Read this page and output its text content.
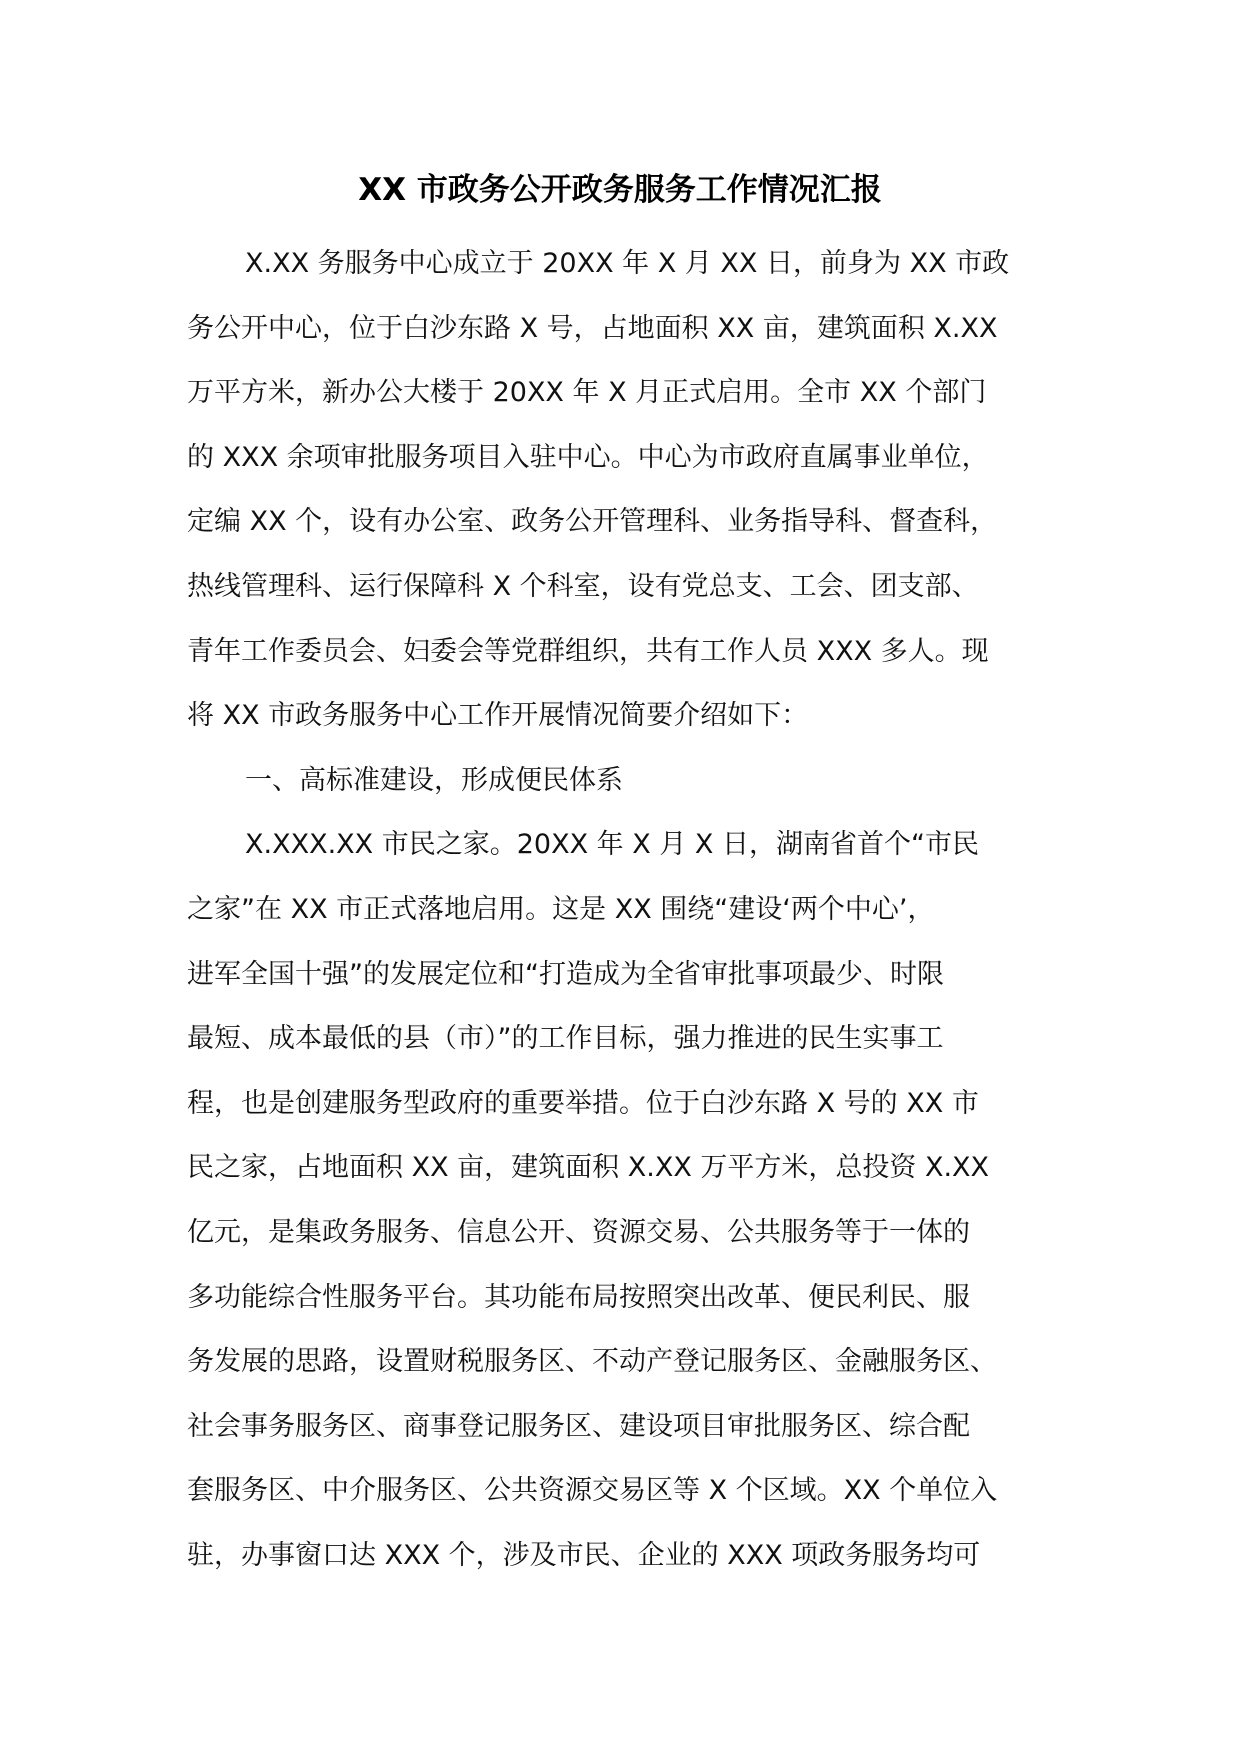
XX 市政务公开政务服务工作情况汇报
X.XX 务服务中心成立于 20XX 年 X 月 XX 日，前身为 XX 市政
务公开中心，位于白沙东路 X 号，占地面积 XX 亩，建筑面积 X.XX
万平方米，新办公大楼于 20XX 年 X 月正式启用。全市 XX 个部门
的 XXX 余项审批服务项目入驻中心。中心为市政府直属事业单位，
定编 XX 个，设有办公室、政务公开管理科、业务指导科、督查科，
热线管理科、运行保障科 X 个科室，设有党总支、工会、团支部、
青年工作委员会、妇委会等党群组织，共有工作人员 XXX 多人。现
将 XX 市政务服务中心工作开展情况简要介绍如下：
一、高标准建设，形成便民体系
X.XXX.XX 市民之家。20XX 年 X 月 X 日，湖南省首个“市民
之家”在 XX 市正式落地启用。这是 XX 围绕“建设‘两个中心’，
进军全国十强”的发展定位和“打造成为全省审批事项最少、时限
最短、成本最低的县（市）”的工作目标，强力推进的民生实事工
程，也是创建服务型政府的重要举措。位于白沙东路 X 号的 XX 市
民之家，占地面积 XX 亩，建筑面积 X.XX 万平方米，总投资 X.XX
亿元，是集政务服务、信息公开、资源交易、公共服务等于一体的
多功能综合性服务平台。其功能布局按照突出改革、便民利民、服
务发展的思路，设置财税服务区、不动产登记服务区、金融服务区、
社会事务服务区、商事登记服务区、建设项目审批服务区、综合配
套服务区、中介服务区、公共资源交易区等 X 个区域。XX 个单位入
驻，办事窗口达 XXX 个，涉及市民、企业的 XXX 项政务服务均可
